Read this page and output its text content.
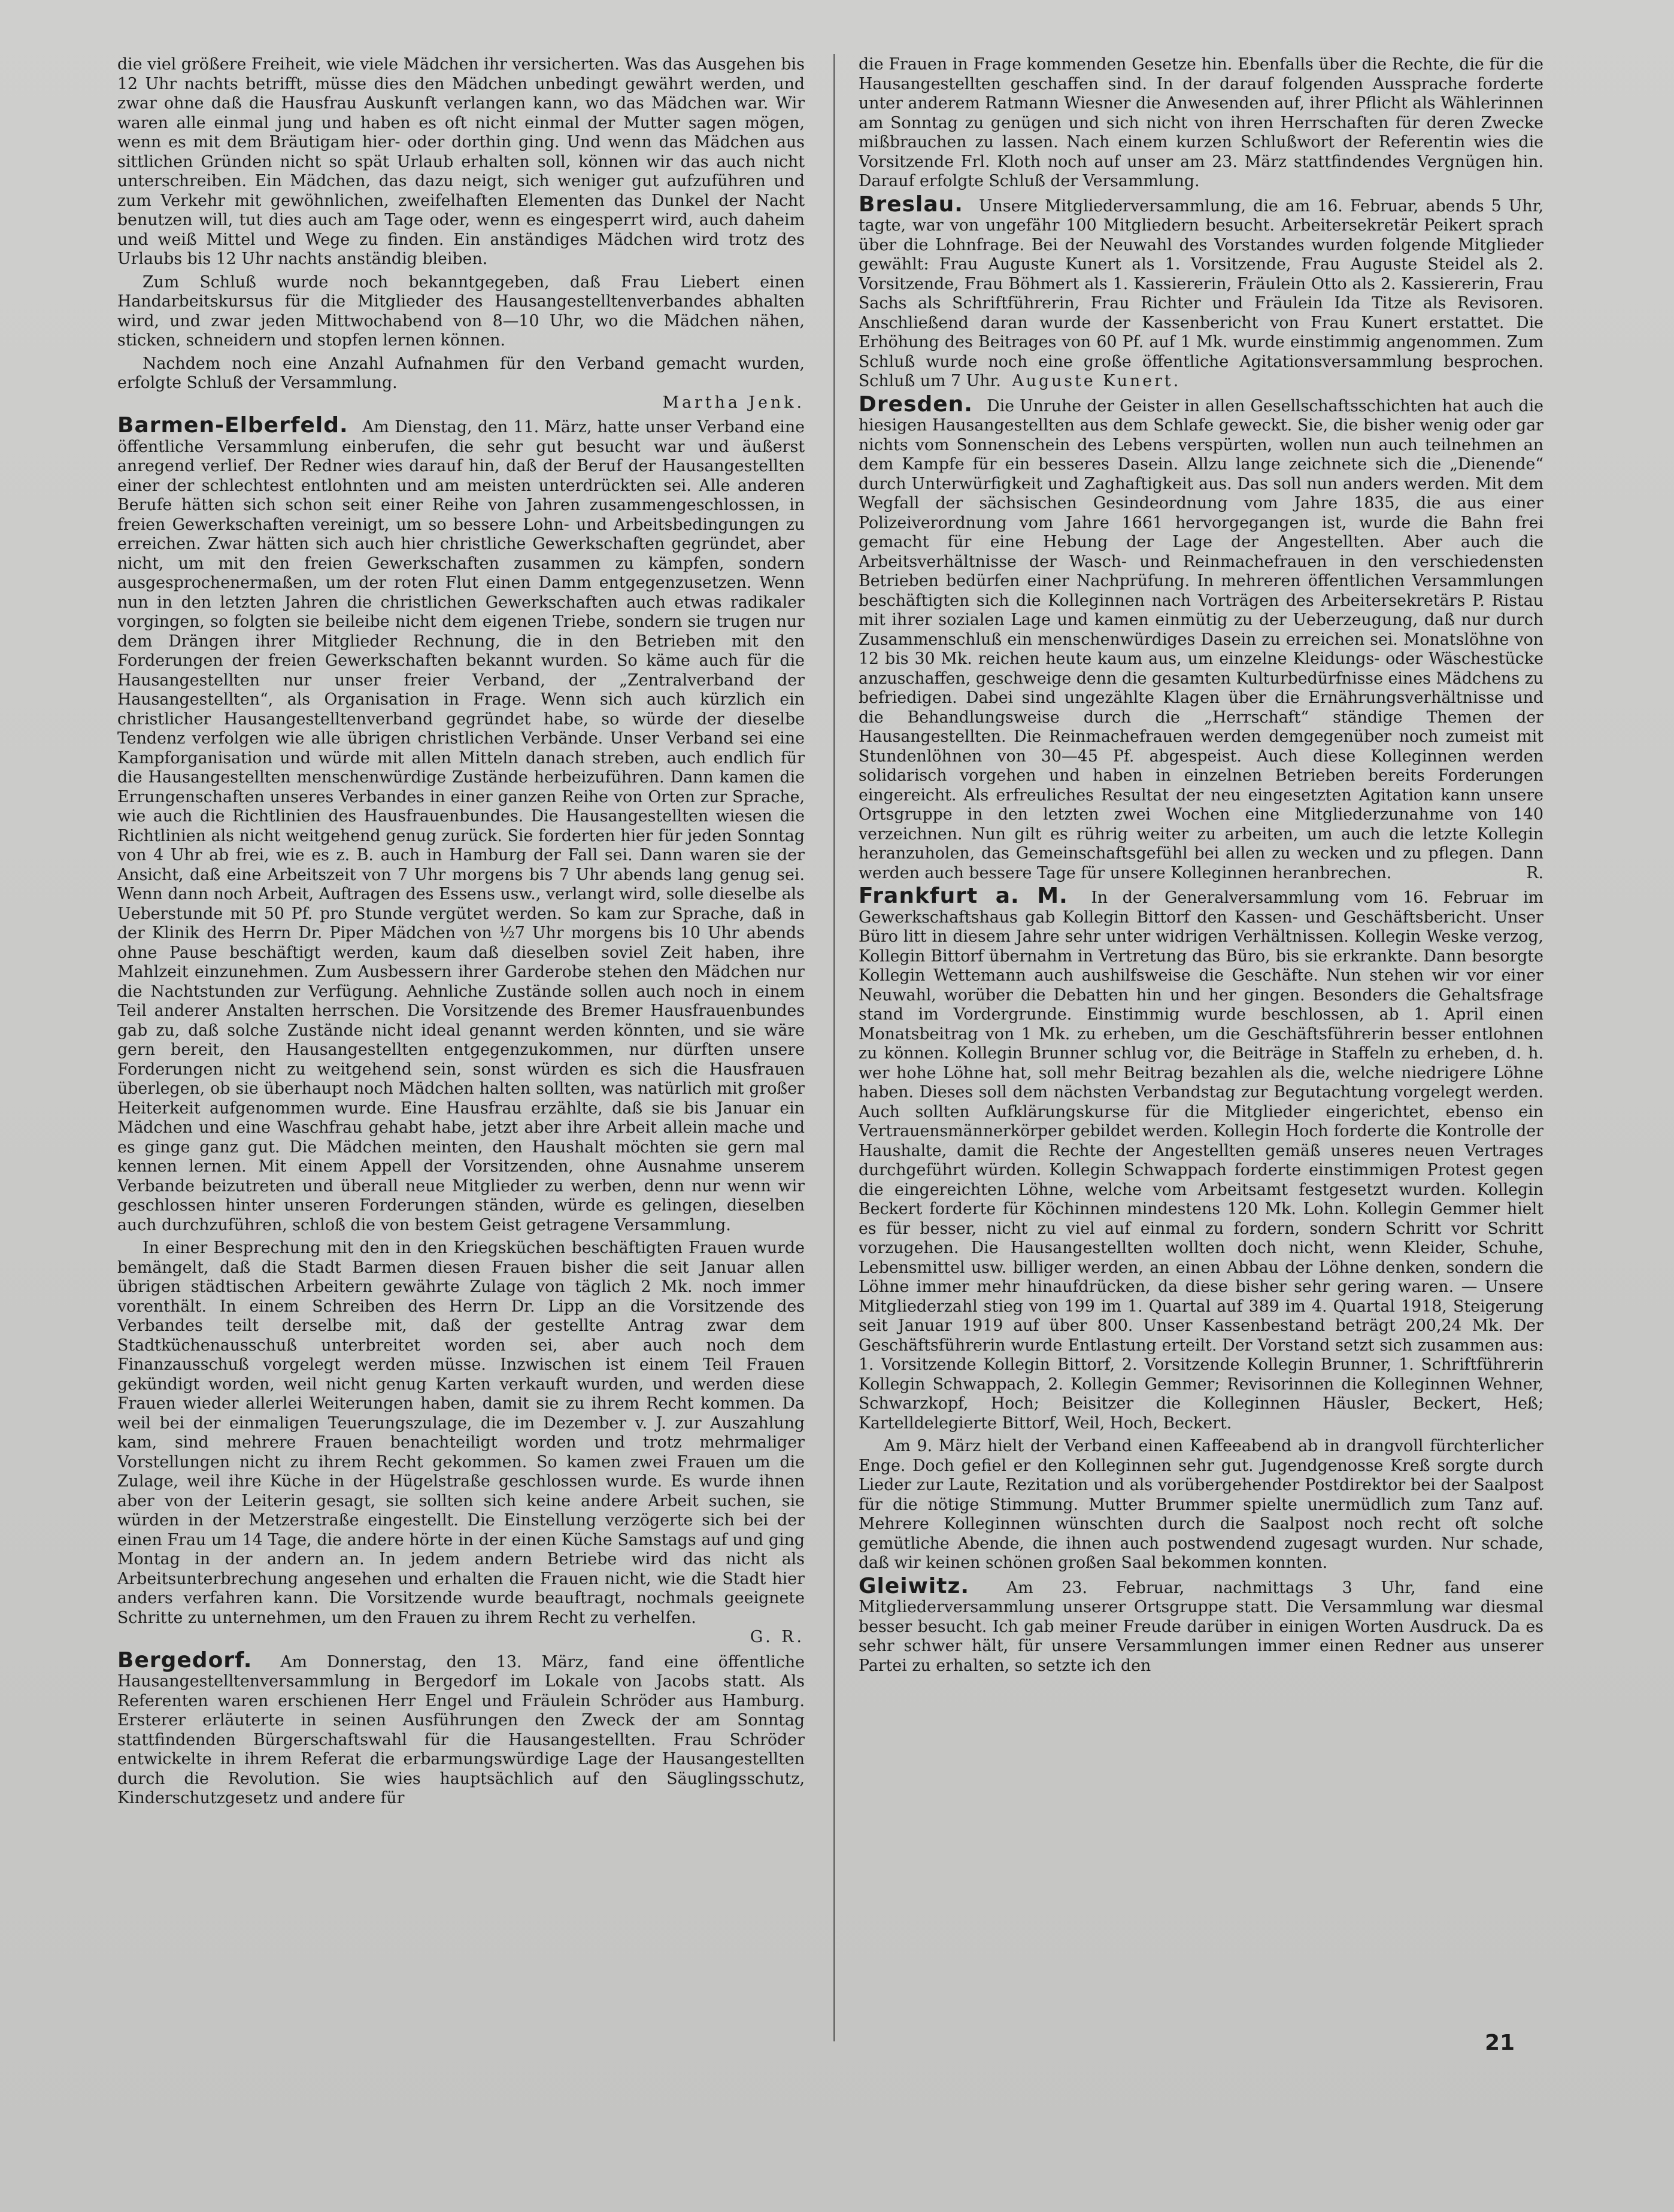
die viel größere Freiheit, wie viele Mädchen ihr versicherten. Was das Ausgehen bis 12 Uhr nachts betrifft, müsse dies den Mädchen unbedingt gewährt werden, und zwar ohne daß die Hausfrau Auskunft verlangen kann, wo das Mädchen war. Wir waren alle einmal jung und haben es oft nicht einmal der Mutter sagen mögen, wenn es mit dem Bräutigam hier- oder dorthin ging. Und wenn das Mädchen aus sittlichen Gründen nicht so spät Urlaub erhalten soll, können wir das auch nicht unterschreiben. Ein Mädchen, das dazu neigt, sich weniger gut aufzuführen und zum Verkehr mit gewöhnlichen, zweifelhaften Elementen das Dunkel der Nacht benutzen will, tut dies auch am Tage oder, wenn es eingesperrt wird, auch daheim und weiß Mittel und Wege zu finden. Ein anständiges Mädchen wird trotz des Urlaubs bis 12 Uhr nachts anständig bleiben.

Zum Schluß wurde noch bekanntgegeben, daß Frau Liebert einen Handarbeitskursus für die Mitglieder des Hausangestelltenverbandes abhalten wird, und zwar jeden Mittwochabend von 8—10 Uhr, wo die Mädchen nähen, sticken, schneidern und stopfen lernen können.

Nachdem noch eine Anzahl Aufnahmen für den Verband gemacht wurden, erfolgte Schluß der Versammlung.
Martha Jenk.

Barmen-Elberfeld. Am Dienstag, den 11. März, hatte unser Verband eine öffentliche Versammlung einberufen, die sehr gut besucht war und äußerst anregend verlief. Der Redner wies darauf hin, daß der Beruf der Hausangestellten einer der schlechtest entlohnten und am meisten unterdrückten sei. Alle anderen Berufe hätten sich schon seit einer Reihe von Jahren zusammengeschlossen, in freien Gewerkschaften vereinigt, um so bessere Lohn- und Arbeitsbedingungen zu erreichen. Zwar hätten sich auch hier christliche Gewerkschaften gegründet, aber nicht, um mit den freien Gewerkschaften zusammen zu kämpfen, sondern ausgesprochenermaßen, um der roten Flut einen Damm entgegenzusetzen. Wenn nun in den letzten Jahren die christlichen Gewerkschaften auch etwas radikaler vorgingen, so folgten sie beileibe nicht dem eigenen Triebe, sondern sie trugen nur dem Drängen ihrer Mitglieder Rechnung, die in den Betrieben mit den Forderungen der freien Gewerkschaften bekannt wurden. So käme auch für die Hausangestellten nur unser freier Verband, der „Zentralverband der Hausangestellten“, als Organisation in Frage. Wenn sich auch kürzlich ein christlicher Hausangestelltenverband gegründet habe, so würde der dieselbe Tendenz verfolgen wie alle übrigen christlichen Verbände. Unser Verband sei eine Kampforganisation und würde mit allen Mitteln danach streben, auch endlich für die Hausangestellten menschenwürdige Zustände herbeizuführen. Dann kamen die Errungenschaften unseres Verbandes in einer ganzen Reihe von Orten zur Sprache, wie auch die Richtlinien des Hausfrauenbundes. Die Hausangestellten wiesen die Richtlinien als nicht weitgehend genug zurück. Sie forderten hier für jeden Sonntag von 4 Uhr ab frei, wie es z. B. auch in Hamburg der Fall sei. Dann waren sie der Ansicht, daß eine Arbeitszeit von 7 Uhr morgens bis 7 Uhr abends lang genug sei. Wenn dann noch Arbeit, Auftragen des Essens usw., verlangt wird, solle dieselbe als Ueberstunde mit 50 Pf. pro Stunde vergütet werden. So kam zur Sprache, daß in der Klinik des Herrn Dr. Piper Mädchen von ½7 Uhr morgens bis 10 Uhr abends ohne Pause beschäftigt werden, kaum daß dieselben soviel Zeit haben, ihre Mahlzeit einzunehmen. Zum Ausbessern ihrer Garderobe stehen den Mädchen nur die Nachtstunden zur Verfügung. Aehnliche Zustände sollen auch noch in einem Teil anderer Anstalten herrschen. Die Vorsitzende des Bremer Hausfrauenbundes gab zu, daß solche Zustände nicht ideal genannt werden könnten, und sie wäre gern bereit, den Hausangestellten entgegenzukommen, nur dürften unsere Forderungen nicht zu weitgehend sein, sonst würden es sich die Hausfrauen überlegen, ob sie überhaupt noch Mädchen halten sollten, was natürlich mit großer Heiterkeit aufgenommen wurde. Eine Hausfrau erzählte, daß sie bis Januar ein Mädchen und eine Waschfrau gehabt habe, jetzt aber ihre Arbeit allein mache und es ginge ganz gut. Die Mädchen meinten, den Haushalt möchten sie gern mal kennen lernen. Mit einem Appell der Vorsitzenden, ohne Ausnahme unserem Verbande beizutreten und überall neue Mitglieder zu werben, denn nur wenn wir geschlossen hinter unseren Forderungen ständen, würde es gelingen, dieselben auch durchzuführen, schloß die von bestem Geist getragene Versammlung.

In einer Besprechung mit den in den Kriegsküchen beschäftigten Frauen wurde bemängelt, daß die Stadt Barmen diesen Frauen bisher die seit Januar allen übrigen städtischen Arbeitern gewährte Zulage von täglich 2 Mk. noch immer vorenthält. In einem Schreiben des Herrn Dr. Lipp an die Vorsitzende des Verbandes teilt derselbe mit, daß der gestellte Antrag zwar dem Stadtküchenausschuß unterbreitet worden sei, aber auch noch dem Finanzausschuß vorgelegt werden müsse. Inzwischen ist einem Teil Frauen gekündigt worden, weil nicht genug Karten verkauft wurden, und werden diese Frauen wieder allerlei Weiterungen haben, damit sie zu ihrem Recht kommen. Da weil bei der einmaligen Teuerungszulage, die im Dezember v. J. zur Auszahlung kam, sind mehrere Frauen benachteiligt worden und trotz mehrmaliger Vorstellungen nicht zu ihrem Recht gekommen. So kamen zwei Frauen um die Zulage, weil ihre Küche in der Hügelstraße geschlossen wurde. Es wurde ihnen aber von der Leiterin gesagt, sie sollten sich keine andere Arbeit suchen, sie würden in der Metzerstraße eingestellt. Die Einstellung verzögerte sich bei der einen Frau um 14 Tage, die andere hörte in der einen Küche Samstags auf und ging Montag in der andern an. In jedem andern Betriebe wird das nicht als Arbeitsunterbrechung angesehen und erhalten die Frauen nicht, wie die Stadt hier anders verfahren kann. Die Vorsitzende wurde beauftragt, nochmals geeignete Schritte zu unternehmen, um den Frauen zu ihrem Recht zu verhelfen.
G. R.

Bergedorf. Am Donnerstag, den 13. März, fand eine öffentliche Hausangestelltenversammlung in Bergedorf im Lokale von Jacobs statt. Als Referenten waren erschienen Herr Engel und Fräulein Schröder aus Hamburg. Ersterer erläuterte in seinen Ausführungen den Zweck der am Sonntag stattfindenden Bürgerschaftswahl für die Hausangestellten. Frau Schröder entwickelte in ihrem Referat die erbarmungswürdige Lage der Hausangestellten durch die Revolution. Sie wies hauptsächlich auf den Säuglingsschutz, Kinderschutzgesetz und andere für

die Frauen in Frage kommenden Gesetze hin. Ebenfalls über die Rechte, die für die Hausangestellten geschaffen sind. In der darauf folgenden Aussprache forderte unter anderem Ratmann Wiesner die Anwesenden auf, ihrer Pflicht als Wählerinnen am Sonntag zu genügen und sich nicht von ihren Herrschaften für deren Zwecke mißbrauchen zu lassen. Nach einem kurzen Schlußwort der Referentin wies die Vorsitzende Frl. Kloth noch auf unser am 23. März stattfindendes Vergnügen hin. Darauf erfolgte Schluß der Versammlung.

Breslau. Unsere Mitgliederversammlung, die am 16. Februar, abends 5 Uhr, tagte, war von ungefähr 100 Mitgliedern besucht. Arbeitersekretär Peikert sprach über die Lohnfrage. Bei der Neuwahl des Vorstandes wurden folgende Mitglieder gewählt: Frau Auguste Kunert als 1. Vorsitzende, Frau Auguste Steidel als 2. Vorsitzende, Frau Böhmert als 1. Kassiererin, Fräulein Otto als 2. Kassiererin, Frau Sachs als Schriftführerin, Frau Richter und Fräulein Ida Titze als Revisoren. Anschließend daran wurde der Kassenbericht von Frau Kunert erstattet. Die Erhöhung des Beitrages von 60 Pf. auf 1 Mk. wurde einstimmig angenommen. Zum Schluß wurde noch eine große öffentliche Agitationsversammlung besprochen. Schluß um 7 Uhr. Auguste Kunert.

Dresden. Die Unruhe der Geister in allen Gesellschaftsschichten hat auch die hiesigen Hausangestellten aus dem Schlafe geweckt. Sie, die bisher wenig oder gar nichts vom Sonnenschein des Lebens verspürten, wollen nun auch teilnehmen an dem Kampfe für ein besseres Dasein. Allzu lange zeichnete sich die „Dienende“ durch Unterwürfigkeit und Zaghaftigkeit aus. Das soll nun anders werden. Mit dem Wegfall der sächsischen Gesindeordnung vom Jahre 1835, die aus einer Polizeiverordnung vom Jahre 1661 hervorgegangen ist, wurde die Bahn frei gemacht für eine Hebung der Lage der Angestellten. Aber auch die Arbeitsverhältnisse der Wasch- und Reinmachefrauen in den verschiedensten Betrieben bedürfen einer Nachprüfung. In mehreren öffentlichen Versammlungen beschäftigten sich die Kolleginnen nach Vorträgen des Arbeitersekretärs P. Ristau mit ihrer sozialen Lage und kamen einmütig zu der Ueberzeugung, daß nur durch Zusammenschluß ein menschenwürdiges Dasein zu erreichen sei. Monatslöhne von 12 bis 30 Mk. reichen heute kaum aus, um einzelne Kleidungs- oder Wäschestücke anzuschaffen, geschweige denn die gesamten Kulturbedürfnisse eines Mädchens zu befriedigen. Dabei sind ungezählte Klagen über die Ernährungsverhältnisse und die Behandlungsweise durch die „Herrschaft“ ständige Themen der Hausangestellten. Die Reinmachefrauen werden demgegenüber noch zumeist mit Stundenlöhnen von 30—45 Pf. abgespeist. Auch diese Kolleginnen werden solidarisch vorgehen und haben in einzelnen Betrieben bereits Forderungen eingereicht. Als erfreuliches Resultat der neu eingesetzten Agitation kann unsere Ortsgruppe in den letzten zwei Wochen eine Mitgliederzunahme von 140 verzeichnen. Nun gilt es rührig weiter zu arbeiten, um auch die letzte Kollegin heranzuholen, das Gemeinschaftsgefühl bei allen zu wecken und zu pflegen. Dann werden auch bessere Tage für unsere Kolleginnen heranbrechen.	R.

Frankfurt a. M. In der Generalversammlung vom 16. Februar im Gewerkschaftshaus gab Kollegin Bittorf den Kassen- und Geschäftsbericht. Unser Büro litt in diesem Jahre sehr unter widrigen Verhältnissen. Kollegin Weske verzog, Kollegin Bittorf übernahm in Vertretung das Büro, bis sie erkrankte. Dann besorgte Kollegin Wettemann auch aushilfsweise die Geschäfte. Nun stehen wir vor einer Neuwahl, worüber die Debatten hin und her gingen. Besonders die Gehaltsfrage stand im Vordergrunde. Einstimmig wurde beschlossen, ab 1. April einen Monatsbeitrag von 1 Mk. zu erheben, um die Geschäftsführerin besser entlohnen zu können. Kollegin Brunner schlug vor, die Beiträge in Staffeln zu erheben, d. h. wer hohe Löhne hat, soll mehr Beitrag bezahlen als die, welche niedrigere Löhne haben. Dieses soll dem nächsten Verbandstag zur Begutachtung vorgelegt werden. Auch sollten Aufklärungskurse für die Mitglieder eingerichtet, ebenso ein Vertrauensmännerkörper gebildet werden. Kollegin Hoch forderte die Kontrolle der Haushalte, damit die Rechte der Angestellten gemäß unseres neuen Vertrages durchgeführt würden. Kollegin Schwappach forderte einstimmigen Protest gegen die eingereichten Löhne, welche vom Arbeitsamt festgesetzt wurden. Kollegin Beckert forderte für Köchinnen mindestens 120 Mk. Lohn. Kollegin Gemmer hielt es für besser, nicht zu viel auf einmal zu fordern, sondern Schritt vor Schritt vorzugehen. Die Hausangestellten wollten doch nicht, wenn Kleider, Schuhe, Lebensmittel usw. billiger werden, an einen Abbau der Löhne denken, sondern die Löhne immer mehr hinaufdrücken, da diese bisher sehr gering waren. — Unsere Mitgliederzahl stieg von 199 im 1. Quartal auf 389 im 4. Quartal 1918, Steigerung seit Januar 1919 auf über 800. Unser Kassenbestand beträgt 200,24 Mk. Der Geschäftsführerin wurde Entlastung erteilt. Der Vorstand setzt sich zusammen aus: 1. Vorsitzende Kollegin Bittorf, 2. Vorsitzende Kollegin Brunner, 1. Schriftführerin Kollegin Schwappach, 2. Kollegin Gemmer; Revisorinnen die Kolleginnen Wehner, Schwarzkopf, Hoch; Beisitzer die Kolleginnen Häusler, Beckert, Heß; Kartelldelegierte Bittorf, Weil, Hoch, Beckert.

Am 9. März hielt der Verband einen Kaffeeabend ab in drangvoll fürchterlicher Enge. Doch gefiel er den Kolleginnen sehr gut. Jugendgenosse Kreß sorgte durch Lieder zur Laute, Rezitation und als vorübergehender Postdirektor bei der Saalpost für die nötige Stimmung. Mutter Brummer spielte unermüdlich zum Tanz auf. Mehrere Kolleginnen wünschten durch die Saalpost noch recht oft solche gemütliche Abende, die ihnen auch postwendend zugesagt wurden. Nur schade, daß wir keinen schönen großen Saal bekommen konnten.

Gleiwitz. Am 23. Februar, nachmittags 3 Uhr, fand eine Mitgliederversammlung unserer Ortsgruppe statt. Die Versammlung war diesmal besser besucht. Ich gab meiner Freude darüber in einigen Worten Ausdruck. Da es sehr schwer hält, für unsere Versammlungen immer einen Redner aus unserer Partei zu erhalten, so setzte ich den

21
